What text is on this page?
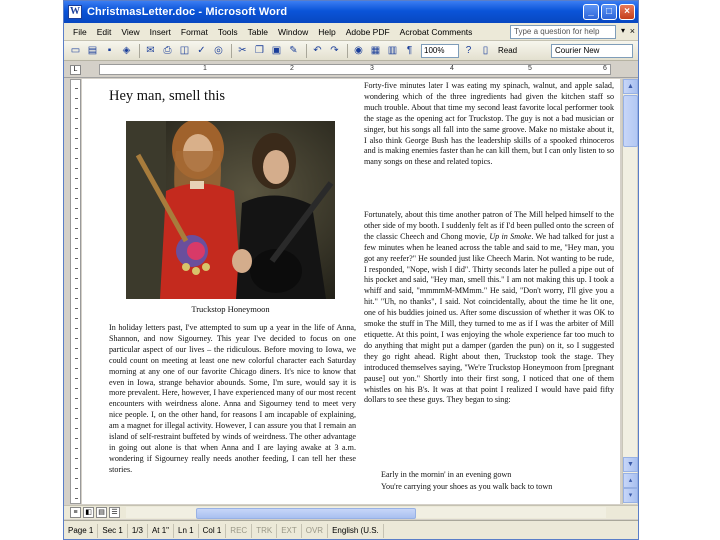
W ChristmasLetter.doc - Microsoft Word	_	□	×
File	Edit	View	Insert	Format	Tools	Table	Window	Help	Adobe PDF	Acrobat Comments	Type a question for help	▾ ×
▭ ▤	▪	◈	✉ ⎙ ◫ ✓ ◎	✂ ❐ ▣ ✎	↶ ↷	◉ ▦ ▥ ¶	100%	?	▯	Read	Courier New
L	1	2	3	4	5	6
Hey man, smell this
Truckstop Honeymoon
In holiday letters past, I've attempted to sum up a year in the life of Anna, Shannon, and now Sigourney. This year I've decided to focus on one particular aspect of our lives – the ridiculous. Before moving to Iowa, we could count on meeting at least one new colorful character each Saturday morning at any one of our favorite Chicago diners. It's nice to know that even in Iowa, strange behavior abounds. Some, I'm sure, would say it is more prevalent. Here, however, I have experienced many of our most recent encounters with weirdness alone. Anna and Sigourney tend to meet very nice people. I, on the other hand, for reasons I am incapable of explaining, am a magnet for illegal activity. However, I can assure you that I remain an island of self-restraint buffeted by winds of weirdness. The other advantage in going out alone is that when Anna and I are laying awake at 3 a.m. wondering if Sigourney really needs another feeding, I can tell her these stories.
Forty-five minutes later I was eating my spinach, walnut, and apple salad, wondering which of the three ingredients had given the kitchen staff so much trouble. About that time my second least favorite local performer took the stage as the opening act for Truckstop. The guy is not a bad musician or singer, but his songs all fall into the same groove. Make no mistake about it, I also think George Bush has the leadership skills of a spooked rhinoceros and is making enemies faster than he can kill them, but I can only listen to so many songs on these and related topics.
Fortunately, about this time another patron of The Mill helped himself to the other side of my booth. I suddenly felt as if I'd been pulled onto the screen of the classic Cheech and Chong movie, Up in Smoke. We had talked for just a few minutes when he leaned across the table and said to me, "Hey man, you got any reefer?" He sounded just like Cheech Marin. Not wanting to be rude, I responded, "Nope, wish I did". Thirty seconds later he pulled a pipe out of his pocket and said, "Hey man, smell this." I am not making this up. I took a whiff and said, "mmmmM-MMmm." He said, "Don't worry, I'll give you a hit." "Uh, no thanks", I said. Not coincidentally, about the time he lit one, one of his buddies joined us. After some discussion of whether it was OK to smoke the stuff in The Mill, they turned to me as if I was the arbiter of Mill etiquette. At this point, I was enjoying the whole experience far too much to do anything that might put a damper (garden the pun) on it, so I suggested they go right ahead. Right about then, Truckstop took the stage. They introduced themselves saying, "We're Truckstop Honeymoon from [pregnant pause] out yon." Shortly into their first song, I noticed that one of them whistles on his B's. It was at that point I realized I would have paid fifty dollars to see these guys. They began to sing:
Early in the mornin' in an evening gown
You're carrying your shoes as you walk back to town
▲
▼
▴
▾
≡	◧ ▤ ☰
Page 1	Sec 1	1/3	At 1"	Ln 1	Col 1	REC	TRK	EXT	OVR	English (U.S.
